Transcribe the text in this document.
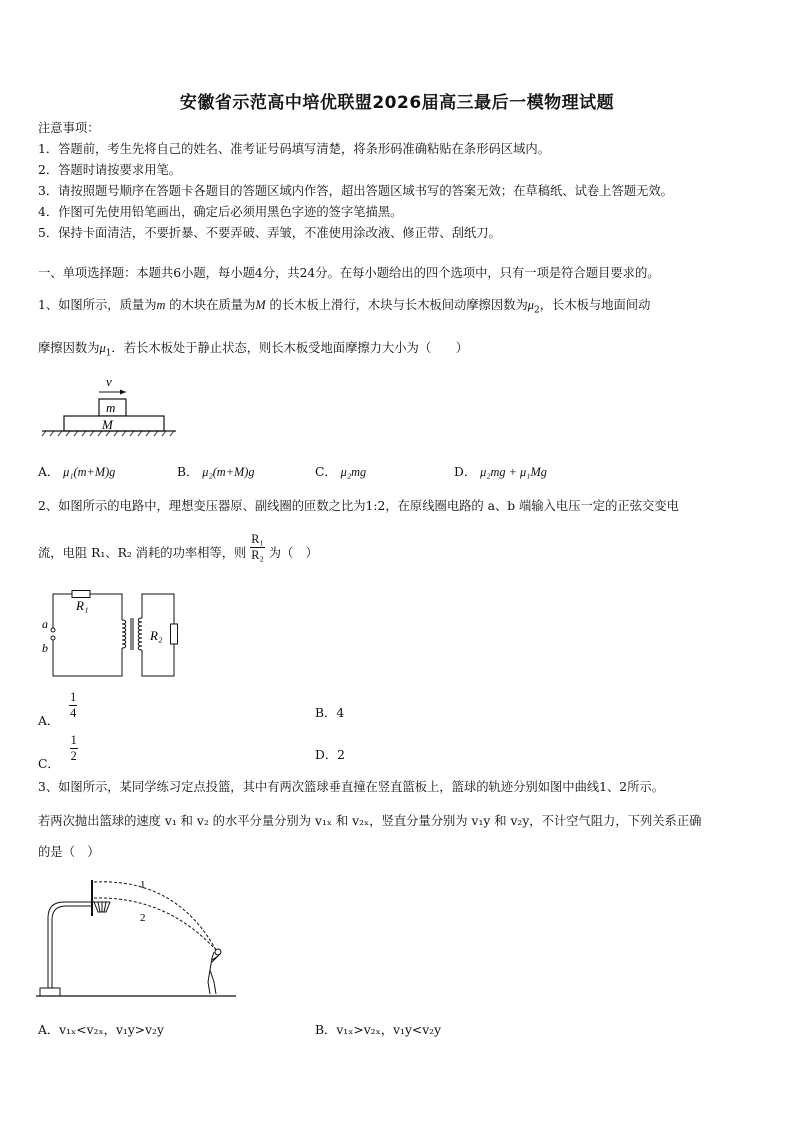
安徽省示范高中培优联盟2026届高三最后一模物理试题
注意事项：
1．答题前，考生先将自己的姓名、准考证号码填写清楚，将条形码准确粘贴在条形码区域内。
2．答题时请按要求用笔。
3．请按照题号顺序在答题卡各题目的答题区域内作答，超出答题区域书写的答案无效；在草稿纸、试卷上答题无效。
4．作图可先使用铅笔画出，确定后必须用黑色字迹的签字笔描黑。
5．保持卡面清洁，不要折暴、不要弄破、弄皱，不准使用涂改液、修正带、刮纸刀。
一、单项选择题：本题共6小题，每小题4分，共24分。在每小题给出的四个选项中，只有一项是符合题目要求的。
1、如图所示，质量为m 的木块在质量为M 的长木板上滑行，木块与长木板间动摩擦因数为$\mu_2$，长木板与地面间动
摩擦因数为$\mu_1$．若长木板处于静止状态，则长木板受地面摩擦力大小为（　　）
v
m
M
A． μ₁(m+M)g	B． μ₂(m+M)g	C． μ₂mg	D． μ₂mg + μ₁Mg
2、如图所示的电路中，理想变压器原、副线圈的匝数之比为1:2，在原线圈电路的 a、b 端输入电压一定的正弦交变电
流，电阻 R₁、R₂ 消耗的功率相等，则 $\frac{\text{R₁}}{\text{R₂}}$ 为（　）
R₁
R₂
a
b
A． $\frac{1}{4}$	B．4
C． $\frac{1}{2}$	D．2
3、如图所示，某同学练习定点投篮，其中有两次篮球垂直撞在竖直篮板上，篮球的轨迹分别如图中曲线1、2所示。
若两次抛出篮球的速度 v₁ 和 v₂ 的水平分量分别为 v₁ₓ 和 v₂ₓ，竖直分量分别为 v₁y 和 v₂y，不计空气阻力，下列关系正确
的是（　）
1
2
A．v₁ₓ<v₂ₓ，v₁y>v₂y	B．v₁ₓ>v₂ₓ，v₁y<v₂y
